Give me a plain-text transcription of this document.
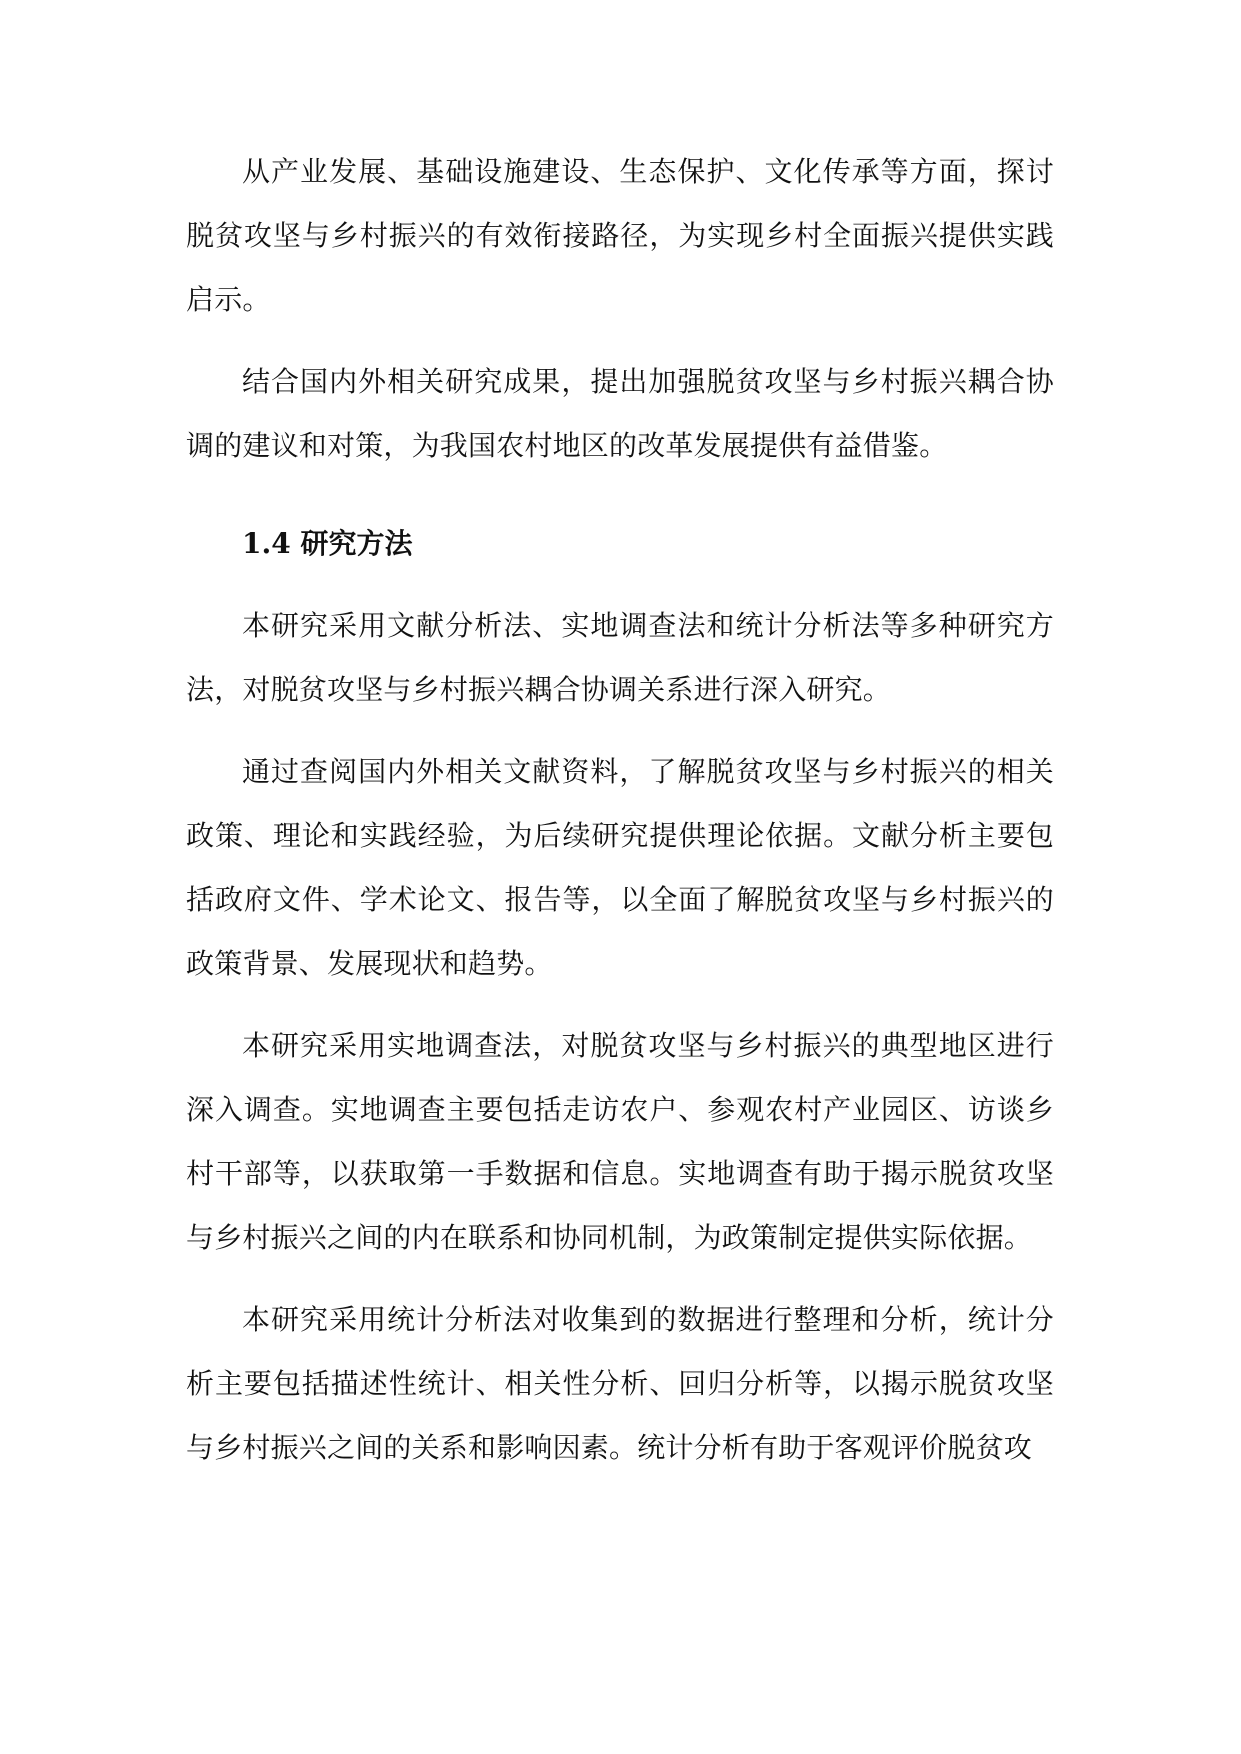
从产业发展、基础设施建设、生态保护、文化传承等方面，探讨脱贫攻坚与乡村振兴的有效衔接路径，为实现乡村全面振兴提供实践启示。

结合国内外相关研究成果，提出加强脱贫攻坚与乡村振兴耦合协调的建议和对策，为我国农村地区的改革发展提供有益借鉴。

1.4 研究方法

本研究采用文献分析法、实地调查法和统计分析法等多种研究方法，对脱贫攻坚与乡村振兴耦合协调关系进行深入研究。

通过查阅国内外相关文献资料，了解脱贫攻坚与乡村振兴的相关政策、理论和实践经验，为后续研究提供理论依据。文献分析主要包括政府文件、学术论文、报告等，以全面了解脱贫攻坚与乡村振兴的政策背景、发展现状和趋势。

本研究采用实地调查法，对脱贫攻坚与乡村振兴的典型地区进行深入调查。实地调查主要包括走访农户、参观农村产业园区、访谈乡村干部等，以获取第一手数据和信息。实地调查有助于揭示脱贫攻坚与乡村振兴之间的内在联系和协同机制，为政策制定提供实际依据。

本研究采用统计分析法对收集到的数据进行整理和分析，统计分析主要包括描述性统计、相关性分析、回归分析等，以揭示脱贫攻坚与乡村振兴之间的关系和影响因素。统计分析有助于客观评价脱贫攻
